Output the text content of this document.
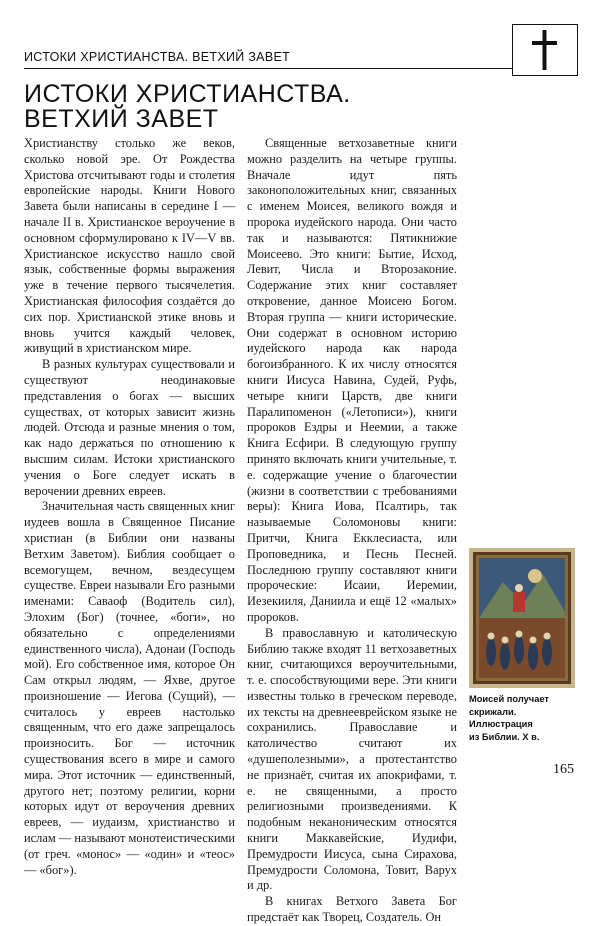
ИСТОКИ ХРИСТИАНСТВА. ВЕТХИЙ ЗАВЕТ
ИСТОКИ ХРИСТИАНСТВА.
ВЕТХИЙ ЗАВЕТ

Христианству столько же веков, сколько новой эре. От Рождества Христова отсчитывают годы и столетия европейские народы. Книги Нового Завета были написаны в середине I — начале II в. Христианское вероучение в основном сформулировано к IV—V вв. Христианское искусство нашло свой язык, собственные формы выражения уже в течение первого тысячелетия. Христианская философия создаётся до сих пор. Христианской этике вновь и вновь учится каждый человек, живущий в христианском мире.

В разных культурах существовали и существуют неодинаковые представления о богах — высших существах, от которых зависит жизнь людей. Отсюда и разные мнения о том, как надо держаться по отношению к высшим силам. Истоки христианского учения о Боге следует искать в верочении древних евреев.

Значительная часть священных книг иудеев вошла в Священное Писание христиан (в Библии они названы Ветхим Заветом). Библия сообщает о всемогущем, вечном, вездесущем существе. Евреи называли Его разными именами: Саваоф (Водитель сил), Элохим (Бог) (точнее, «боги», но обязательно с определениями единственного числа), Адонаи (Господь мой). Его собственное имя, которое Он Сам открыл людям, — Яхве, другое произношение — Иегова (Сущий), — считалось у евреев настолько священным, что его даже запрещалось произносить. Бог — источник существования всего в мире и самого мира. Этот источник — единственный, другого нет; поэтому религии, корни которых идут от вероучения древних евреев, — иудаизм, христианство и ислам — называют монотеистическими (от греч. «монос» — «один» и «теос» — «бог»).

Священные ветхозаветные книги можно разделить на четыре группы. Вначале идут пять законоположительных книг, связанных с именем Моисея, великого вождя и пророка иудейского народа. Они часто так и называются: Пятикнижие Моисеево. Это книги: Бытие, Исход, Левит, Числа и Второзаконие. Содержание этих книг составляет откровение, данное Моисею Богом. Вторая группа — книги исторические. Они содержат в основном историю иудейского народа как народа богоизбранного. К их числу относятся книги Иисуса Навина, Судей, Руфь, четыре книги Царств, две книги Паралипоменон («Летописи»), книги пророков Ездры и Неемии, а также Книга Есфири. В следующую группу принято включать книги учительные, т. е. содержащие учение о благочестии (жизни в соответствии с требованиями веры): Книга Иова, Псалтирь, так называемые Соломоновы книги: Притчи, Книга Екклесиаста, или Проповедника, и Песнь Песней. Последнюю группу составляют книги пророческие: Исаии, Иеремии, Иезекииля, Даниила и ещё 12 «малых» пророков.

В православную и католическую Библию также входят 11 ветхозаветных книг, считающихся вероучительными, т. е. способствующими вере. Эти книги известны только в греческом переводе, их тексты на древнееврейском языке не сохранились. Православие и католичество считают их «душеполезными», а протестантство не признаёт, считая их апокрифами, т. е. не священными, а просто религиозными произведениями. К подобным неканоническим относятся книги Маккавейские, Иудифи, Премудрости Иисуса, сына Сирахова, Премудрости Соломона, Товит, Варух и др.

В книгах Ветхого Завета Бог предстаёт как Творец, Создатель. Он

Моисей получает
скрижали. Иллюстрация
из Библии. X в.
165
